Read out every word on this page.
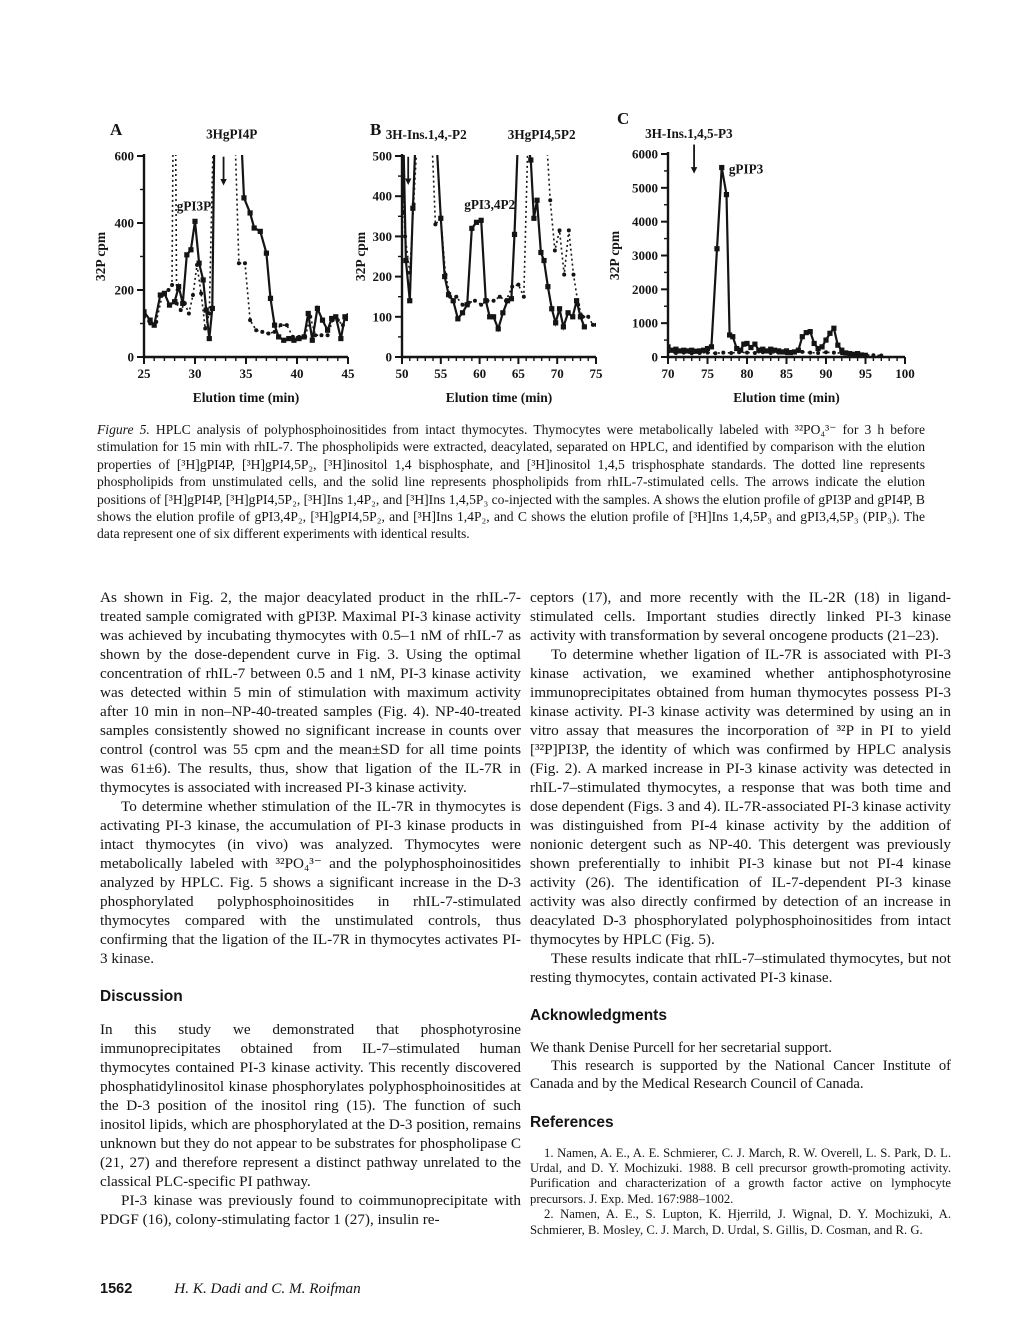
25	30	35	40	45
0
200
400
600
Elution time (min)
32P cpm
3HgPI4P
gPI3P
A
50 55 60 65 70 75
0
100
200
300
400
500
Elution time (min)
32P cpm
3H-Ins.1,4,-P2	3HgPI4,5P2
gPI3,4P2
B
70 75 80 85 90 95 100
0
1000
2000
3000
4000
5000
6000
Elution time (min)
32P cpm
3H-Ins.1,4,5-P3
gPIP3
C

Figure 5. HPLC analysis of polyphosphoinositides from intact thymocytes. Thymocytes were metabolically labeled with ³²PO₄³⁻ for 3 h before stimulation for 15 min with rhIL-7. The phospholipids were extracted, deacylated, separated on HPLC, and identified by comparison with the elution properties of [³H]gPI4P, [³H]gPI4,5P₂, [³H]inositol 1,4 bisphosphate, and [³H]inositol 1,4,5 trisphosphate standards. The dotted line represents phospholipids from unstimulated cells, and the solid line represents phospholipids from rhIL-7-stimulated cells. The arrows indicate the elution positions of [³H]gPI4P, [³H]gPI4,5P₂, [³H]Ins 1,4P₂, and [³H]Ins 1,4,5P₃ co-injected with the samples. A shows the elution profile of gPI3P and gPI4P, B shows the elution profile of gPI3,4P₂, [³H]gPI4,5P₂, and [³H]Ins 1,4P₂, and C shows the elution profile of [³H]Ins 1,4,5P₃ and gPI3,4,5P₃ (PIP₃). The data represent one of six different experiments with identical results.

As shown in Fig. 2, the major deacylated product in the rhIL-7-treated sample comigrated with gPI3P. Maximal PI-3 kinase activity was achieved by incubating thymocytes with 0.5–1 nM of rhIL-7 as shown by the dose-dependent curve in Fig. 3. Using the optimal concentration of rhIL-7 between 0.5 and 1 nM, PI-3 kinase activity was detected within 5 min of stimulation with maximum activity after 10 min in non–NP-40-treated samples (Fig. 4). NP-40-treated samples consistently showed no significant increase in counts over control (control was 55 cpm and the mean±SD for all time points was 61±6). The results, thus, show that ligation of the IL-7R in thymocytes is associated with increased PI-3 kinase activity.

To determine whether stimulation of the IL-7R in thymocytes is activating PI-3 kinase, the accumulation of PI-3 kinase products in intact thymocytes (in vivo) was analyzed. Thymocytes were metabolically labeled with ³²PO₄³⁻ and the polyphosphoinositides analyzed by HPLC. Fig. 5 shows a significant increase in the D-3 phosphorylated polyphosphoinositides in rhIL-7-stimulated thymocytes compared with the unstimulated controls, thus confirming that the ligation of the IL-7R in thymocytes activates PI-3 kinase.

Discussion

In this study we demonstrated that phosphotyrosine immunoprecipitates obtained from IL-7–stimulated human thymocytes contained PI-3 kinase activity. This recently discovered phosphatidylinositol kinase phosphorylates polyphosphoinositides at the D-3 position of the inositol ring (15). The function of such inositol lipids, which are phosphorylated at the D-3 position, remains unknown but they do not appear to be substrates for phospholipase C (21, 27) and therefore represent a distinct pathway unrelated to the classical PLC-specific PI pathway.

PI-3 kinase was previously found to coimmunoprecipitate with PDGF (16), colony-stimulating factor 1 (27), insulin re-

ceptors (17), and more recently with the IL-2R (18) in ligand-stimulated cells. Important studies directly linked PI-3 kinase activity with transformation by several oncogene products (21–23).

To determine whether ligation of IL-7R is associated with PI-3 kinase activation, we examined whether antiphosphotyrosine immunoprecipitates obtained from human thymocytes possess PI-3 kinase activity. PI-3 kinase activity was determined by using an in vitro assay that measures the incorporation of ³²P in PI to yield [³²P]PI3P, the identity of which was confirmed by HPLC analysis (Fig. 2). A marked increase in PI-3 kinase activity was detected in rhIL-7–stimulated thymocytes, a response that was both time and dose dependent (Figs. 3 and 4). IL-7R-associated PI-3 kinase activity was distinguished from PI-4 kinase activity by the addition of nonionic detergent such as NP-40. This detergent was previously shown preferentially to inhibit PI-3 kinase but not PI-4 kinase activity (26). The identification of IL-7-dependent PI-3 kinase activity was also directly confirmed by detection of an increase in deacylated D-3 phosphorylated polyphosphoinositides from intact thymocytes by HPLC (Fig. 5).

These results indicate that rhIL-7–stimulated thymocytes, but not resting thymocytes, contain activated PI-3 kinase.

Acknowledgments

We thank Denise Purcell for her secretarial support.

This research is supported by the National Cancer Institute of Canada and by the Medical Research Council of Canada.

References

1. Namen, A. E., A. E. Schmierer, C. J. March, R. W. Overell, L. S. Park, D. L. Urdal, and D. Y. Mochizuki. 1988. B cell precursor growth-promoting activity. Purification and characterization of a growth factor active on lymphocyte precursors. J. Exp. Med. 167:988–1002.

2. Namen, A. E., S. Lupton, K. Hjerrild, J. Wignal, D. Y. Mochizuki, A. Schmierer, B. Mosley, C. J. March, D. Urdal, S. Gillis, D. Cosman, and R. G.

1562	H. K. Dadi and C. M. Roifman
